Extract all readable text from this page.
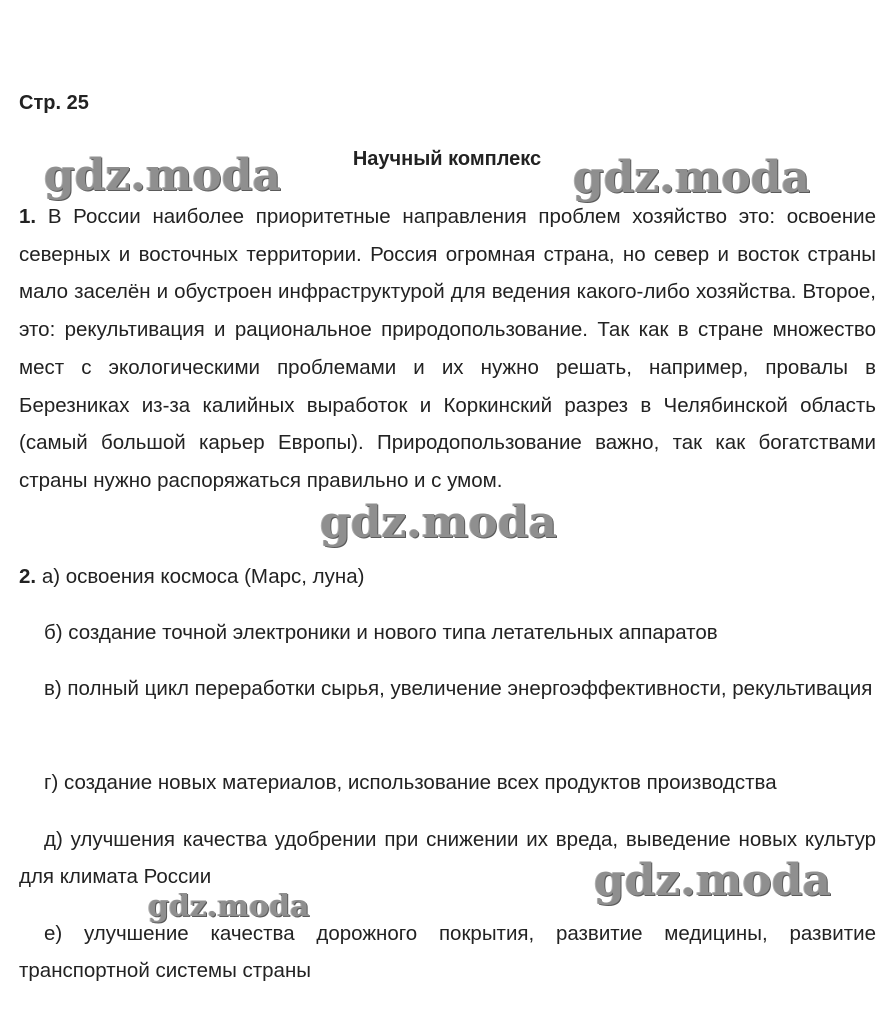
Стр. 25
Научный комплекс
1. В России наиболее приоритетные направления проблем хозяйство это: освоение северных и восточных территории. Россия огромная страна, но север и восток страны мало заселён и обустроен инфраструктурой для ведения какого-либо хозяйства. Второе, это: рекультивация и рациональное природопользование. Так как в стране множество мест с экологическими проблемами и их нужно решать, например, провалы в Березниках из-за калийных выработок и Коркинский разрез в Челябинской область (самый большой карьер Европы). Природопользование важно, так как богатствами страны нужно распоряжаться правильно и с умом.
2. а) освоения космоса (Марс, луна)
б) создание точной электроники и нового типа летательных аппаратов
в) полный цикл переработки сырья, увеличение энергоэффективности, рекультивация
г) создание новых материалов, использование всех продуктов производства
д) улучшения качества удобрении при снижении их вреда, выведение новых культур для климата России
е) улучшение качества дорожного покрытия, развитие медицины, развитие транспортной системы страны
gdz.moda	gdz.moda
gdz.moda
gdz.moda
gdz.moda
